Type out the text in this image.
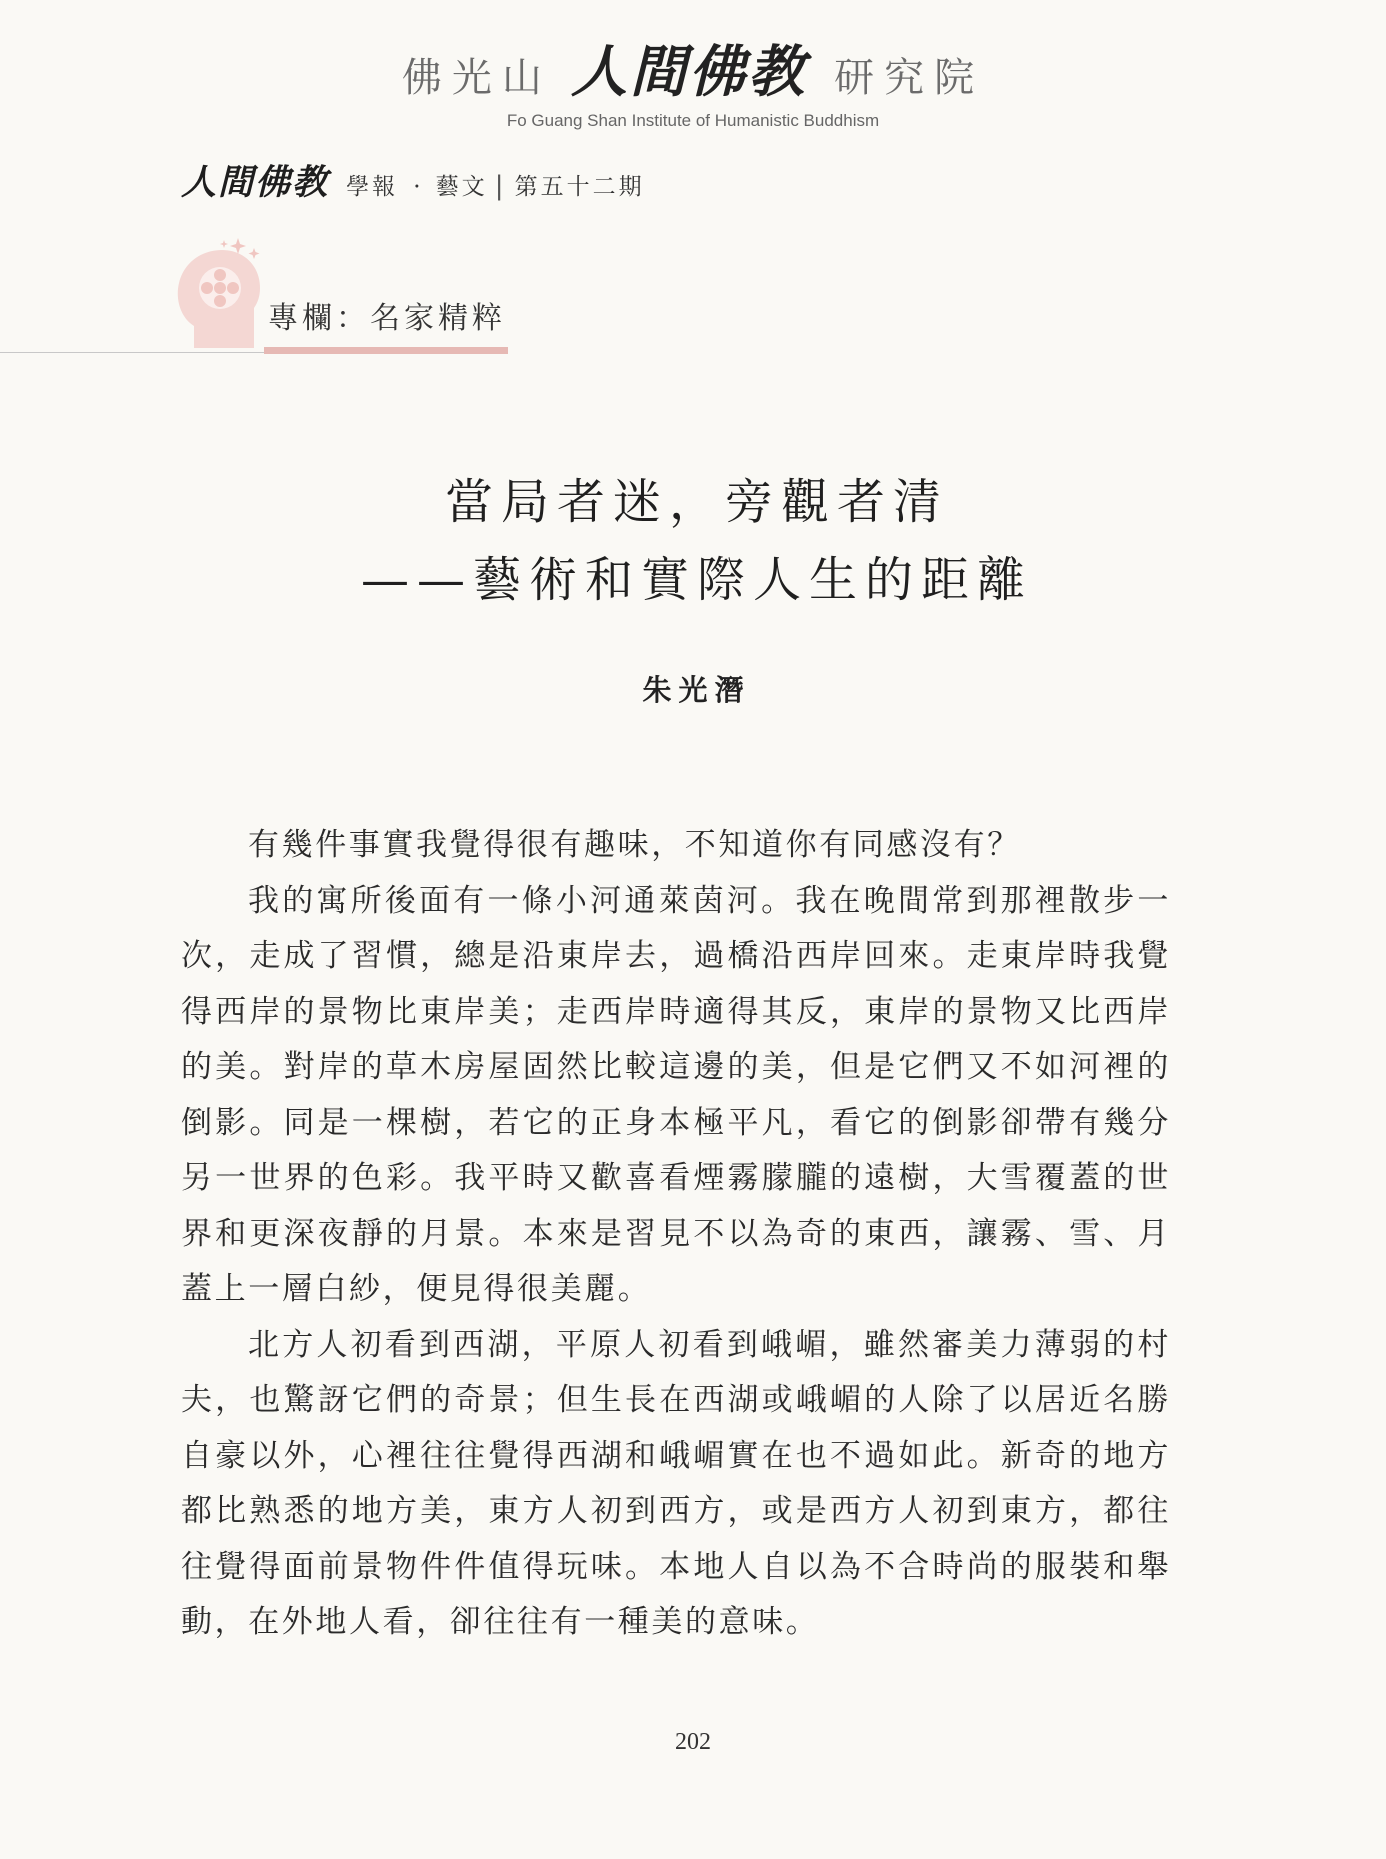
佛光山 人間佛教 研究院
Fo Guang Shan Institute of Humanistic Buddhism
人間佛教 學報 · 藝文 | 第五十二期
專欄：名家精粹
當局者迷，旁觀者清
——藝術和實際人生的距離
朱光潛
有幾件事實我覺得很有趣味，不知道你有同感沒有？
我的寓所後面有一條小河通萊茵河。我在晚間常到那裡散步一
次，走成了習慣，總是沿東岸去，過橋沿西岸回來。走東岸時我覺
得西岸的景物比東岸美；走西岸時適得其反，東岸的景物又比西岸
的美。對岸的草木房屋固然比較這邊的美，但是它們又不如河裡的
倒影。同是一棵樹，若它的正身本極平凡，看它的倒影卻帶有幾分
另一世界的色彩。我平時又歡喜看煙霧朦朧的遠樹，大雪覆蓋的世
界和更深夜靜的月景。本來是習見不以為奇的東西，讓霧、雪、月
蓋上一層白紗，便見得很美麗。
北方人初看到西湖，平原人初看到峨嵋，雖然審美力薄弱的村
夫，也驚訝它們的奇景；但生長在西湖或峨嵋的人除了以居近名勝
自豪以外，心裡往往覺得西湖和峨嵋實在也不過如此。新奇的地方
都比熟悉的地方美，東方人初到西方，或是西方人初到東方，都往
往覺得面前景物件件值得玩味。本地人自以為不合時尚的服裝和舉
動，在外地人看，卻往往有一種美的意味。
202
